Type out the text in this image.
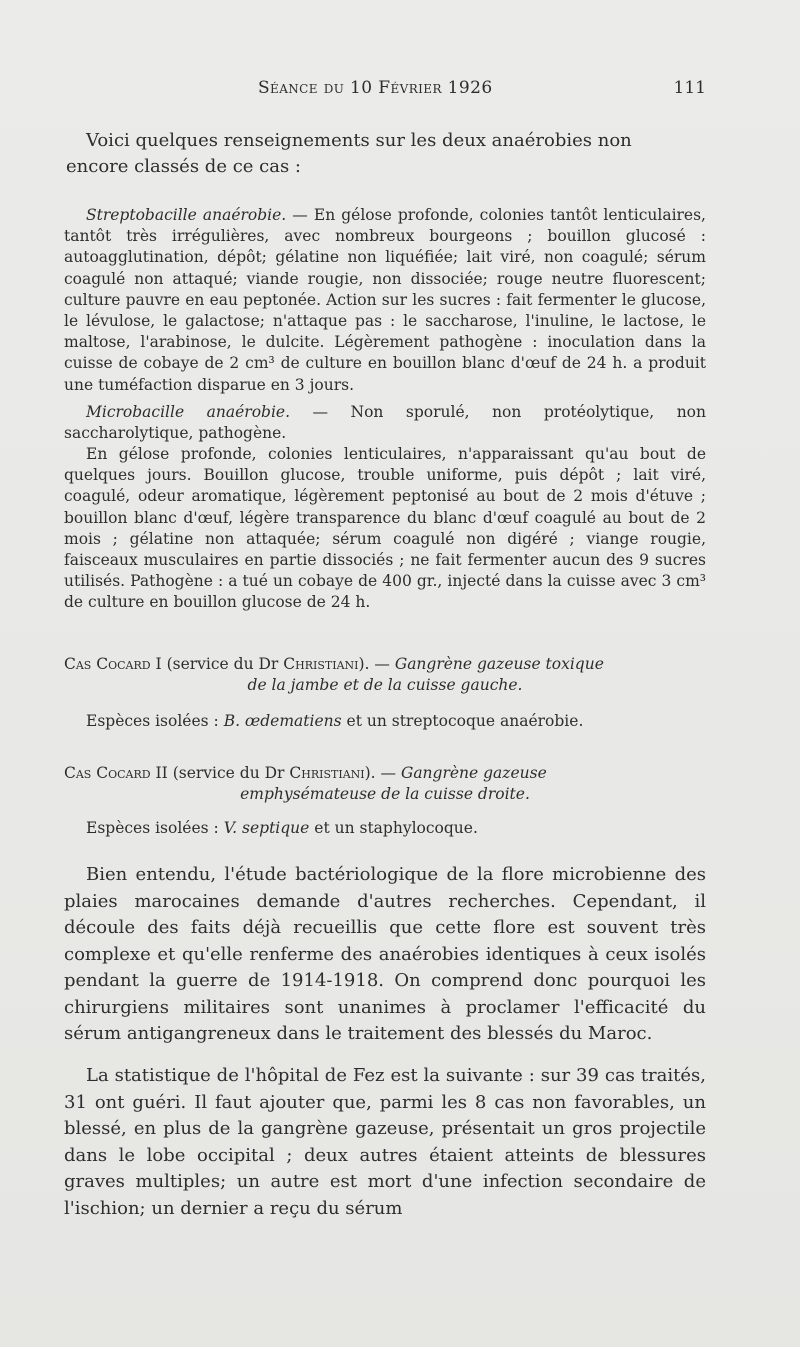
Séance du 10 Février 1926	111

Voici quelques renseignements sur les deux anaérobies non
encore classés de ce cas :

Streptobacille anaérobie. — En gélose profonde, colonies tantôt lenticulaires, tantôt très irrégulières, avec nombreux bourgeons ; bouillon glucosé : autoagglutination, dépôt; gélatine non liquéfiée; lait viré, non coagulé; sérum coagulé non attaqué; viande rougie, non dissociée; rouge neutre fluorescent; culture pauvre en eau peptonée. Action sur les sucres : fait fermenter le glucose, le lévulose, le galactose; n'attaque pas : le saccharose, l'inuline, le lactose, le maltose, l'arabinose, le dulcite. Légèrement pathogène : inoculation dans la cuisse de cobaye de 2 cm³ de culture en bouillon blanc d'œuf de 24 h. a produit une tuméfaction disparue en 3 jours.

Microbacille anaérobie. — Non sporulé, non protéolytique, non saccharolytique, pathogène.

En gélose profonde, colonies lenticulaires, n'apparaissant qu'au bout de quelques jours. Bouillon glucose, trouble uniforme, puis dépôt ; lait viré, coagulé, odeur aromatique, légèrement peptonisé au bout de 2 mois d'étuve ; bouillon blanc d'œuf, légère transparence du blanc d'œuf coagulé au bout de 2 mois ; gélatine non attaquée; sérum coagulé non digéré ; viange rougie, faisceaux musculaires en partie dissociés ; ne fait fermenter aucun des 9 sucres utilisés. Pathogène : a tué un cobaye de 400 gr., injecté dans la cuisse avec 3 cm³ de culture en bouillon glucose de 24 h.

Cas Cocard I (service du Dr Christiani). — Gangrène gazeuse toxique
de la jambe et de la cuisse gauche.

Espèces isolées : B. œdematiens et un streptocoque anaérobie.

Cas Cocard II (service du Dr Christiani). — Gangrène gazeuse
emphysémateuse de la cuisse droite.

Espèces isolées : V. septique et un staphylocoque.

Bien entendu, l'étude bactériologique de la flore microbienne des plaies marocaines demande d'autres recherches. Cependant, il découle des faits déjà recueillis que cette flore est souvent très complexe et qu'elle renferme des anaérobies identiques à ceux isolés pendant la guerre de 1914-1918. On comprend donc pourquoi les chirurgiens militaires sont unanimes à proclamer l'efficacité du sérum antigangreneux dans le traitement des blessés du Maroc.

La statistique de l'hôpital de Fez est la suivante : sur 39 cas traités, 31 ont guéri. Il faut ajouter que, parmi les 8 cas non favorables, un blessé, en plus de la gangrène gazeuse, présentait un gros projectile dans le lobe occipital ; deux autres étaient atteints de blessures graves multiples; un autre est mort d'une infection secondaire de l'ischion; un dernier a reçu du sérum
